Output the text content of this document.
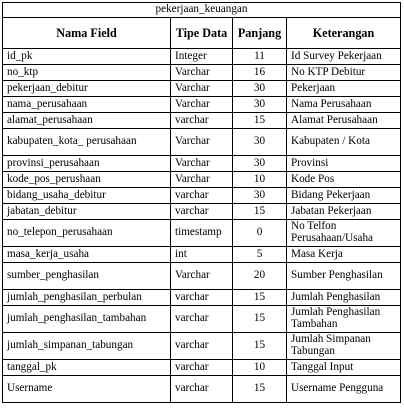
pekerjaan_keuangan			
Nama Field	Tipe Data	Panjang	Keterangan
id_pk	Integer	11	Id Survey Pekerjaan
no_ktp	Varchar	16	No KTP Debitur
pekerjaan_debitur	Varchar	30	Pekerjaan
nama_perusahaan	Varchar	30	Nama Perusahaan
alamat_perusahaan	varchar	15	Alamat Perusahaan
kabupaten_kota_ perusahaan	Varchar	30	Kabupaten / Kota
provinsi_perusahaan	Varchar	30	Provinsi
kode_pos_perushaan	Varchar	10	Kode Pos
bidang_usaha_debitur	varchar	30	Bidang Pekerjaan
jabatan_debitur	varchar	15	Jabatan Pekerjaan
no_telepon_perusahaan	timestamp	0	No Telfon Perusahaan/Usaha
masa_kerja_usaha	int	5	Masa Kerja
sumber_penghasilan	Varchar	20	Sumber Penghasilan
jumlah_penghasilan_perbulan	varchar	15	Jumlah Penghasilan
jumlah_penghasilan_tambahan	varchar	15	Jumlah Penghasilan Tambahan
jumlah_simpanan_tabungan	varchar	15	Jumlah Simpanan Tabungan
tanggal_pk	varchar	10	Tanggal Input
Username	varchar	15	Username Pengguna
